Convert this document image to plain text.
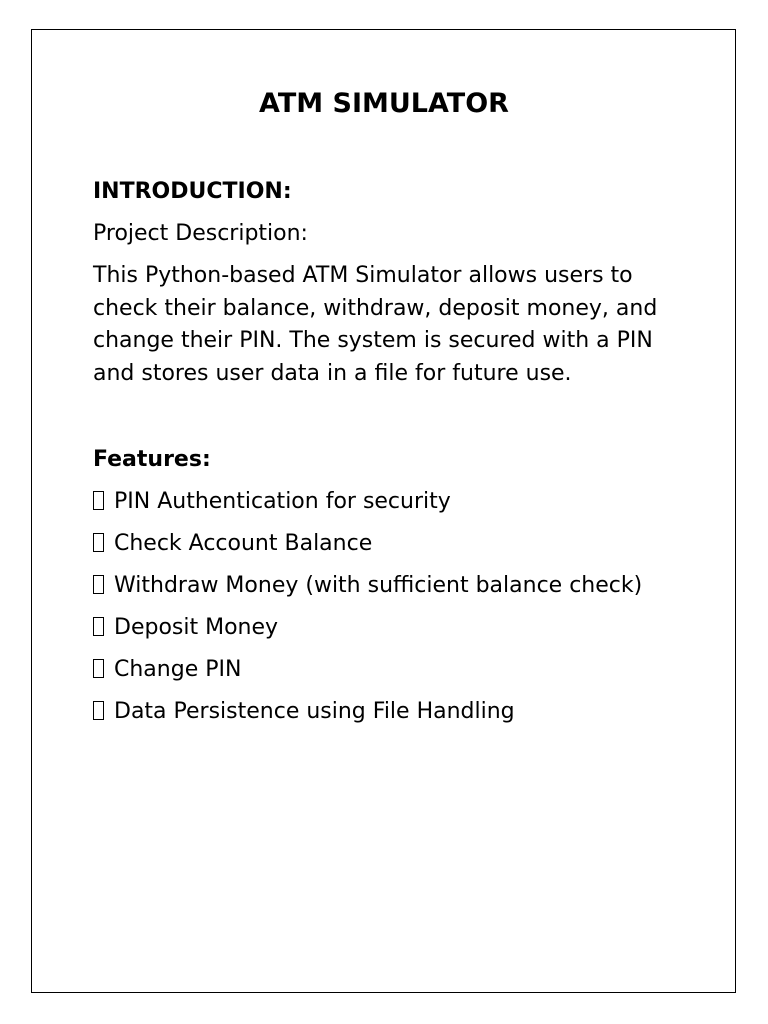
ATM SIMULATOR
INTRODUCTION:
Project Description:

This Python-based ATM Simulator allows users to check their balance, withdraw, deposit money, and change their PIN. The system is secured with a PIN and stores user data in a file for future use.

Features:
PIN Authentication for security
Check Account Balance
Withdraw Money (with sufficient balance check)
Deposit Money
Change PIN
Data Persistence using File Handling
